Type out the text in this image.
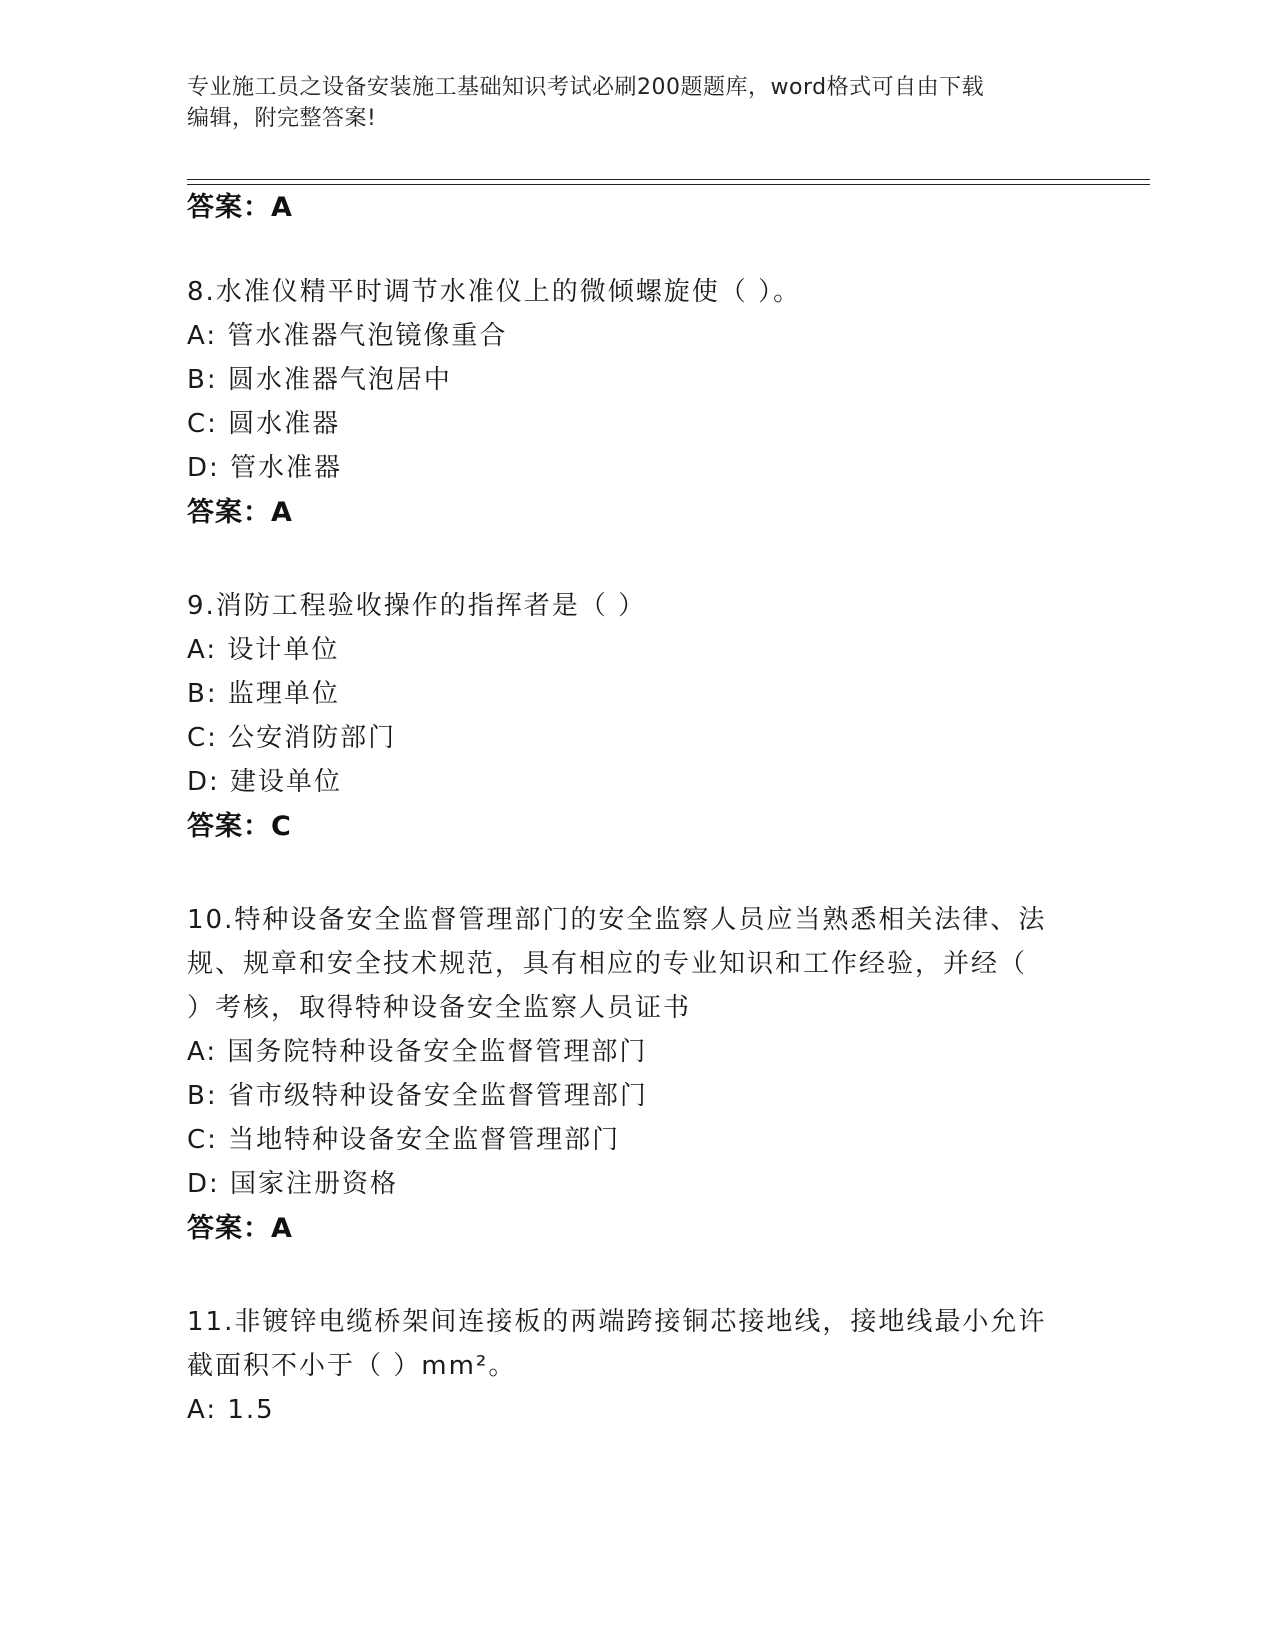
专业施工员之设备安装施工基础知识考试必刷200题题库，word格式可自由下载
编辑，附完整答案!
答案：A
8.水准仪精平时调节水准仪上的微倾螺旋使（ ）。
A: 管水准器气泡镜像重合
B: 圆水准器气泡居中
C: 圆水准器
D: 管水准器
答案：A
9.消防工程验收操作的指挥者是（ ）
A: 设计单位
B: 监理单位
C: 公安消防部门
D: 建设单位
答案：C
10.特种设备安全监督管理部门的安全监察人员应当熟悉相关法律、法
规、规章和安全技术规范，具有相应的专业知识和工作经验，并经（
）考核，取得特种设备安全监察人员证书
A: 国务院特种设备安全监督管理部门
B: 省市级特种设备安全监督管理部门
C: 当地特种设备安全监督管理部门
D: 国家注册资格
答案：A
11.非镀锌电缆桥架间连接板的两端跨接铜芯接地线，接地线最小允许
截面积不小于（ ）mm²。
A: 1.5
